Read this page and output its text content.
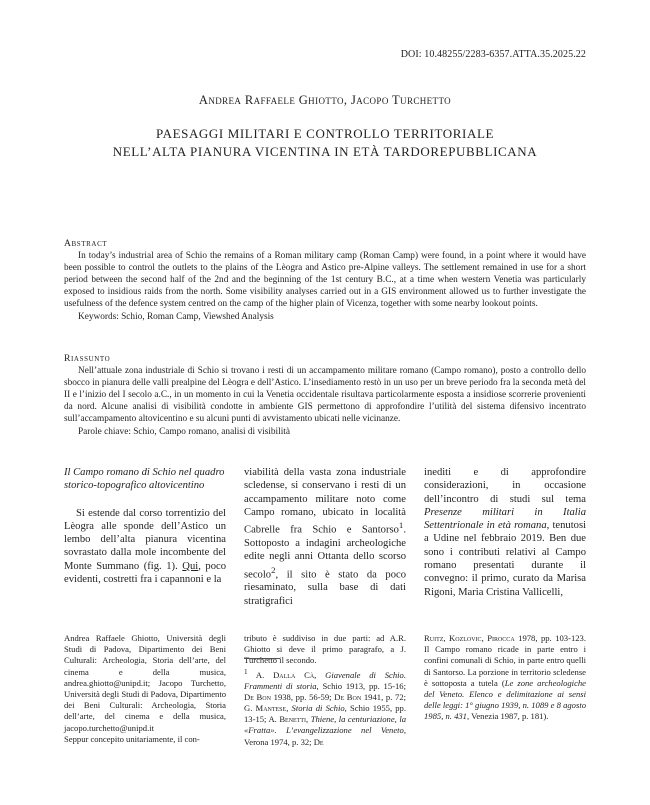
DOI: 10.48255/2283-6357.ATTA.35.2025.22
Andrea Raffaele Ghiotto, Jacopo Turchetto
PAESAGGI MILITARI E CONTROLLO TERRITORIALE
NELL’ALTA PIANURA VICENTINA IN ETÀ TARDOREPUBBLICANA
Abstract

In today’s industrial area of Schio the remains of a Roman military camp (Roman Camp) were found, in a point where it would have been possible to control the outlets to the plains of the Lèogra and Astico pre-Alpine valleys. The settlement remained in use for a short period between the second half of the 2nd and the beginning of the 1st century B.C., at a time when western Venetia was particularly exposed to insidious raids from the north. Some visibility analyses carried out in a GIS environment allowed us to further investigate the usefulness of the defence system centred on the camp of the higher plain of Vicenza, together with some nearby lookout points.

Keywords: Schio, Roman Camp, Viewshed Analysis

Riassunto

Nell’attuale zona industriale di Schio si trovano i resti di un accampamento militare romano (Campo romano), posto a controllo dello sbocco in pianura delle valli prealpine del Lèogra e dell’Astico. L’insediamento restò in un uso per un breve periodo fra la seconda metà del II e l’inizio del I secolo a.C., in un momento in cui la Venetia occidentale risultava particolarmente esposta a insidiose scorrerie provenienti da nord. Alcune analisi di visibilità condotte in ambiente GIS permettono di approfondire l’utilità del sistema difensivo incentrato sull’accampamento altovicentino e su alcuni punti di avvistamento ubicati nelle vicinanze.

Parole chiave: Schio, Campo romano, analisi di visibilità

Il Campo romano di Schio nel quadro storico-topografico altovicentino

Si estende dal corso torrentizio del Lèogra alle sponde dell’Astico un lembo dell’alta pianura vicentina sovrastato dalla mole incombente del Monte Summano (fig. 1). Qui, poco evidenti, costretti fra i capannoni e la

viabilità della vasta zona industriale scledense, si conservano i resti di un accampamento militare noto come Campo romano, ubicato in località Cabrelle fra Schio e Santorso$^1$. Sottoposto a indagini archeologiche edite negli anni Ottanta dello scorso secolo$^2$, il sito è stato da poco riesaminato, sulla base di dati stratigrafici

inediti e di approfondire considerazioni, in occasione dell’incontro di studi sul tema Presenze militari in Italia Settentrionale in età romana, tenutosi a Udine nel febbraio 2019. Ben due sono i contributi relativi al Campo romano presentati durante il convegno: il primo, curato da Marisa Rigoni, Maria Cristina Vallicelli,

Andrea Raffaele Ghiotto, Università degli Studi di Padova, Dipartimento dei Beni Culturali: Archeologia, Storia dell’arte, del cinema e della musica, andrea.ghiotto@unipd.it; Jacopo Turchetto, Università degli Studi di Padova, Dipartimento dei Beni Culturali: Archeologia, Storia dell’arte, del cinema e della musica, jacopo.turchetto@unipd.it

Seppur concepito unitariamente, il con-

tributo è suddiviso in due parti: ad A.R. Ghiotto si deve il primo paragrafo, a J. Turchetto il secondo.

$^1$ A. Dalla Cà, Giavenale di Schio. Frammenti di storia, Schio 1913, pp. 15-16; De Bon 1938, pp. 56-59; De Bon 1941, p. 72; G. Mantese, Storia di Schio, Schio 1955, pp. 13-15; A. Benetti, Thiene, la centuriazione, la «Fratta». L’evangelizzazione nel Veneto, Verona 1974, p. 32; De

Ruitz, Kozlovic, Pirocca 1978, pp. 103-123. Il Campo romano ricade in parte entro i confini comunali di Schio, in parte entro quelli di Santorso. La porzione in territorio scledense è sottoposta a tutela (Le zone archeologiche del Veneto. Elenco e delimitazione ai sensi delle leggi: 1° giugno 1939, n. 1089 e 8 agosto 1985, n. 431, Venezia 1987, p. 181).
